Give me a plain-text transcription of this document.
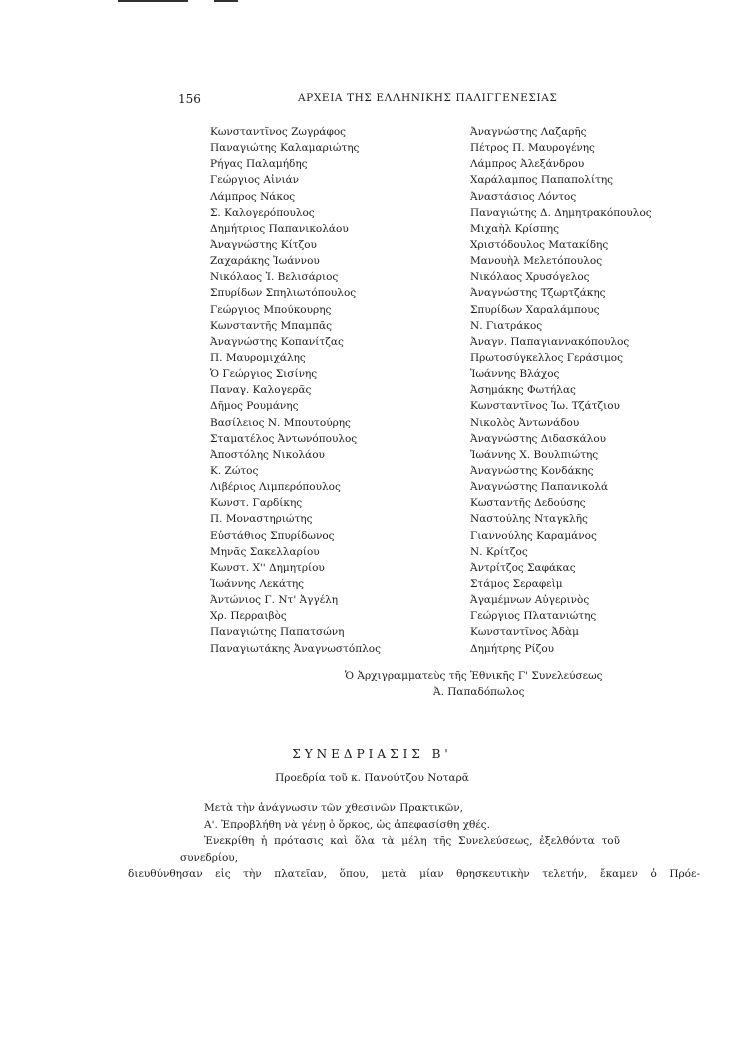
156	ΑΡΧΕΙΑ ΤΗΣ ΕΛΛΗΝΙΚΗΣ ΠΑΛΙΓΓΕΝΕΣΙΑΣ
Κωνσταντῖνος Ζωγράφος
Παναγιώτης Καλαμαριώτης
Ρήγας Παλαμήδης
Γεώργιος Αἰνιάν
Λάμπρος Νάκος
Σ. Καλογερόπουλος
Δημήτριος Παπανικολάου
Ἀναγνώστης Κίτζου
Ζαχαράκης Ἰωάννου
Νικόλαος Ἰ. Βελισάριος
Σπυρίδων Σπηλιωτόπουλος
Γεώργιος Μπούκουρης
Κωνσταντῆς Μπαμπᾶς
Ἀναγνώστης Κοπανίτζας
Π. Μαυρομιχάλης
Ὁ Γεώργιος Σισίνης
Παναγ. Καλογερᾶς
Δῆμος Ρουμάνης
Βασίλειος Ν. Μπουτούρης
Σταματέλος Ἀντωνόπουλος
Ἀποστόλης Νικολάου
Κ. Ζώτος
Λιβέριος Λιμπερόπουλος
Κωνστ. Γαρδίκης
Π. Μοναστηριώτης
Εὐστάθιος Σπυρίδωνος
Μηνᾶς Σακελλαρίου
Κωνστ. Χ'' Δημητρίου
Ἰωάννης Λεκάτης
Ἀντώνιος Γ. Ντ' Ἀγγέλη
Χρ. Περραιβὸς
Παναγιώτης Παπατσώνη
Παναγιωτάκης Ἀναγνωστόπλος
Ἀναγνώστης Λαζαρῆς
Πέτρος Π. Μαυρογένης
Λάμπρος Ἀλεξάνδρου
Χαράλαμπος Παπαπολίτης
Ἀναστάσιος Λόντος
Παναγιώτης Δ. Δημητρακόπουλος
Μιχαὴλ Κρίσπης
Χριστόδουλος Ματακίδης
Μανουὴλ Μελετόπουλος
Νικόλαος Χρυσόγελος
Ἀναγνώστης Τζωρτζάκης
Σπυρίδων Χαραλάμπους
Ν. Γιατράκος
Ἀναγν. Παπαγιαννακόπουλος
Πρωτοσύγκελλος Γεράσιμος
Ἰωάννης Βλάχος
Ἀσημάκης Φωτήλας
Κωνσταντῖνος Ἰω. Τζάτζιου
Νικολὸς Ἀντωνάδου
Ἀναγνώστης Διδασκάλου
Ἰωάννης Χ. Βουλπιώτης
Ἀναγνώστης Κονδάκης
Ἀναγνώστης Παπανικολά
Κωσταντῆς Δεδούσης
Ναστούλης Νταγκλῆς
Γιαννούλης Καραμάνος
Ν. Κρίτζος
Ἀντρίτζος Σαφάκας
Στάμος Σεραφεὶμ
Ἀγαμέμνων Αὐγερινὸς
Γεώργιος Πλατανιώτης
Κωνσταντῖνος Ἀδὰμ
Δημήτρης Ρίζου
Ὁ Ἀρχιγραμματεὺς τῆς Ἐθνικῆς Γ' Συνελεύσεως
Ἀ. Παπαδόπωλος
ΣΥΝΕΔΡΙΑΣΙΣ Β'
Προεδρία τοῦ κ. Πανούτζου Νοταρᾶ

Μετὰ τὴν ἀνάγνωσιν τῶν χθεσινῶν Πρακτικῶν,

Α'. Ἐπροβλήθη νὰ γένῃ ὁ ὅρκος, ὡς ἀπεφασίσθη χθές.

Ἐνεκρίθη ἡ πρότασις καὶ ὅλα τὰ μέλη τῆς Συνελεύσεως, ἐξελθόντα τοῦ συνεδρίου,

διευθύνθησαν εἰς τὴν πλατεῖαν, ὅπου, μετὰ μίαν θρησκευτικὴν τελετήν, ἔκαμεν ὁ Πρόε-
